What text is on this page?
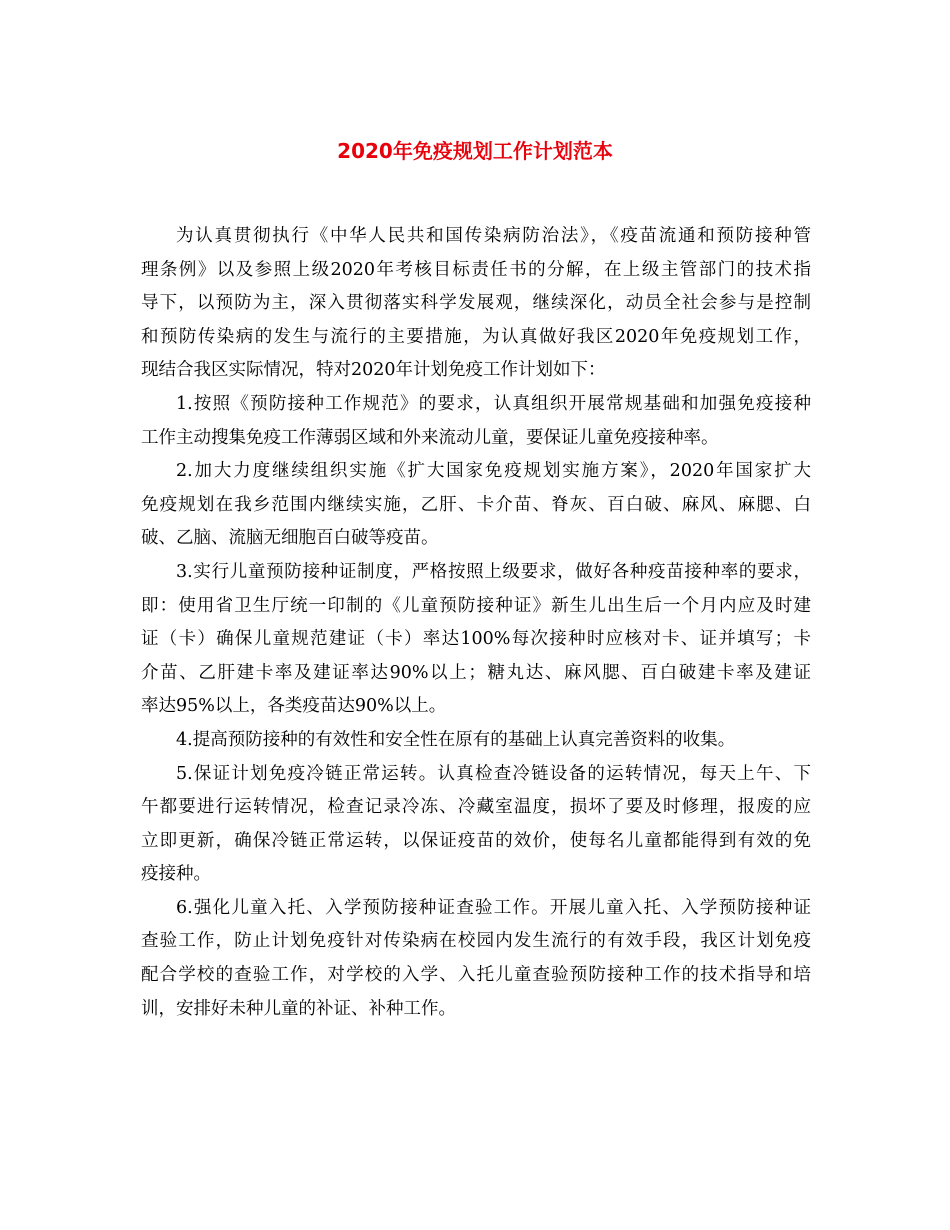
2020年免疫规划工作计划范本
为认真贯彻执行《中华人民共和国传染病防治法》，《疫苗流通和预防接种管
理条例》以及参照上级2020年考核目标责任书的分解，在上级主管部门的技术指
导下，以预防为主，深入贯彻落实科学发展观，继续深化，动员全社会参与是控制
和预防传染病的发生与流行的主要措施，为认真做好我区2020年免疫规划工作，
现结合我区实际情况，特对2020年计划免疫工作计划如下：
1.按照《预防接种工作规范》的要求，认真组织开展常规基础和加强免疫接种
工作主动搜集免疫工作薄弱区域和外来流动儿童，要保证儿童免疫接种率。
2.加大力度继续组织实施《扩大国家免疫规划实施方案》，2020年国家扩大
免疫规划在我乡范围内继续实施，乙肝、卡介苗、脊灰、百白破、麻风、麻腮、白
破、乙脑、流脑无细胞百白破等疫苗。
3.实行儿童预防接种证制度，严格按照上级要求，做好各种疫苗接种率的要求，
即：使用省卫生厅统一印制的《儿童预防接种证》新生儿出生后一个月内应及时建
证（卡）确保儿童规范建证（卡）率达100%每次接种时应核对卡、证并填写；卡
介苗、乙肝建卡率及建证率达90%以上；糖丸达、麻风腮、百白破建卡率及建证
率达95%以上，各类疫苗达90%以上。
4.提高预防接种的有效性和安全性在原有的基础上认真完善资料的收集。
5.保证计划免疫冷链正常运转。认真检查冷链设备的运转情况，每天上午、下
午都要进行运转情况，检查记录冷冻、冷藏室温度，损坏了要及时修理，报废的应
立即更新，确保冷链正常运转，以保证疫苗的效价，使每名儿童都能得到有效的免
疫接种。
6.强化儿童入托、入学预防接种证查验工作。开展儿童入托、入学预防接种证
查验工作，防止计划免疫针对传染病在校园内发生流行的有效手段，我区计划免疫
配合学校的查验工作，对学校的入学、入托儿童查验预防接种工作的技术指导和培
训，安排好未种儿童的补证、补种工作。
